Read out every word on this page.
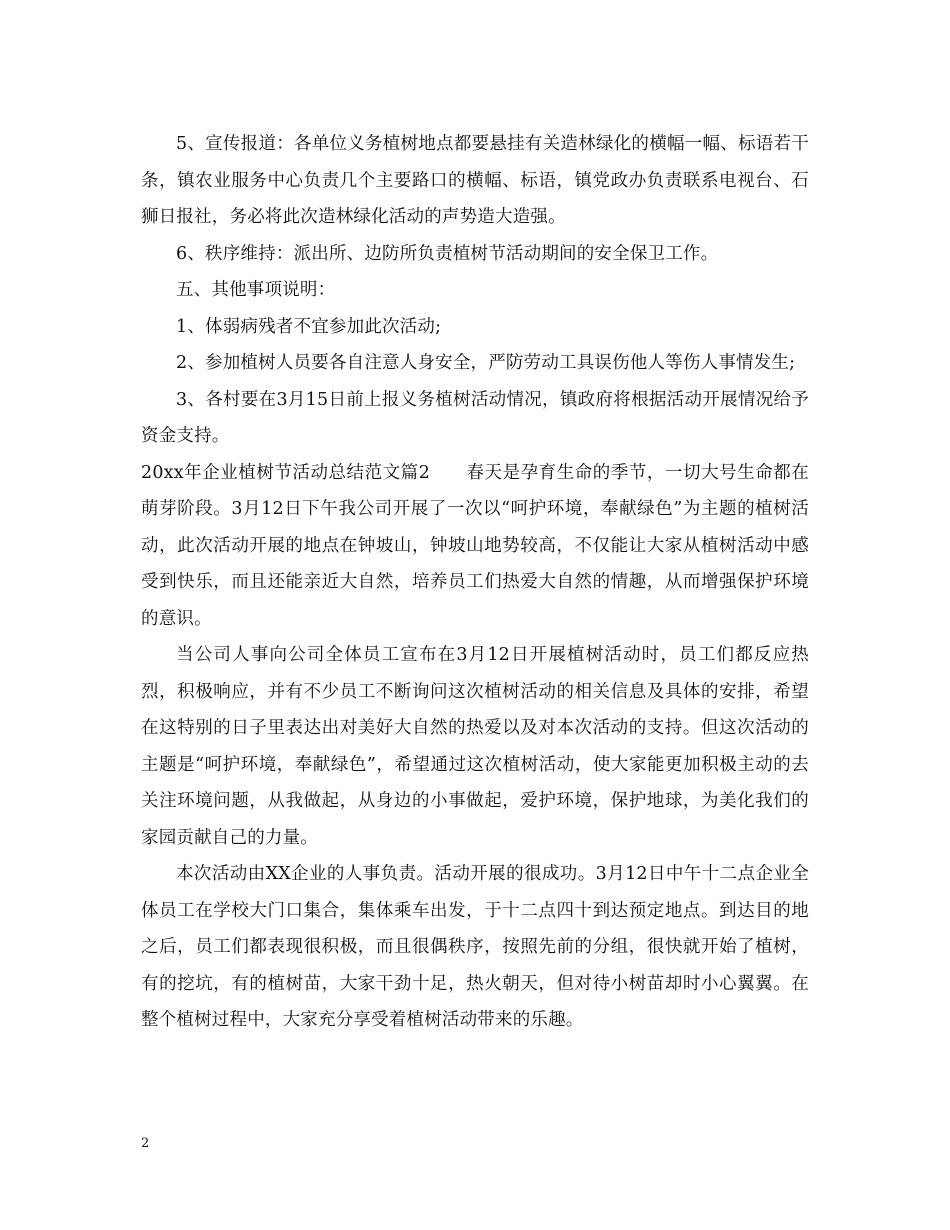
5、宣传报道：各单位义务植树地点都要悬挂有关造林绿化的横幅一幅、标语若干条，镇农业服务中心负责几个主要路口的横幅、标语，镇党政办负责联系电视台、石狮日报社，务必将此次造林绿化活动的声势造大造强。

6、秩序维持：派出所、边防所负责植树节活动期间的安全保卫工作。

五、其他事项说明：

1、体弱病残者不宜参加此次活动;

2、参加植树人员要各自注意人身安全，严防劳动工具误伤他人等伤人事情发生;

3、各村要在3月15日前上报义务植树活动情况，镇政府将根据活动开展情况给予资金支持。

20xx年企业植树节活动总结范文篇2　　春天是孕育生命的季节，一切大号生命都在萌芽阶段。3月12日下午我公司开展了一次以“呵护环境，奉献绿色”为主题的植树活动，此次活动开展的地点在钟坡山，钟坡山地势较高，不仅能让大家从植树活动中感受到快乐，而且还能亲近大自然，培养员工们热爱大自然的情趣，从而增强保护环境的意识。

当公司人事向公司全体员工宣布在3月12日开展植树活动时，员工们都反应热烈，积极响应，并有不少员工不断询问这次植树活动的相关信息及具体的安排，希望在这特别的日子里表达出对美好大自然的热爱以及对本次活动的支持。但这次活动的主题是“呵护环境，奉献绿色”，希望通过这次植树活动，使大家能更加积极主动的去关注环境问题，从我做起，从身边的小事做起，爱护环境，保护地球，为美化我们的家园贡献自己的力量。

本次活动由XX企业的人事负责。活动开展的很成功。3月12日中午十二点企业全体员工在学校大门口集合，集体乘车出发，于十二点四十到达预定地点。到达目的地之后，员工们都表现很积极，而且很偶秩序，按照先前的分组，很快就开始了植树，有的挖坑，有的植树苗，大家干劲十足，热火朝天，但对待小树苗却时小心翼翼。在整个植树过程中，大家充分享受着植树活动带来的乐趣。

2
